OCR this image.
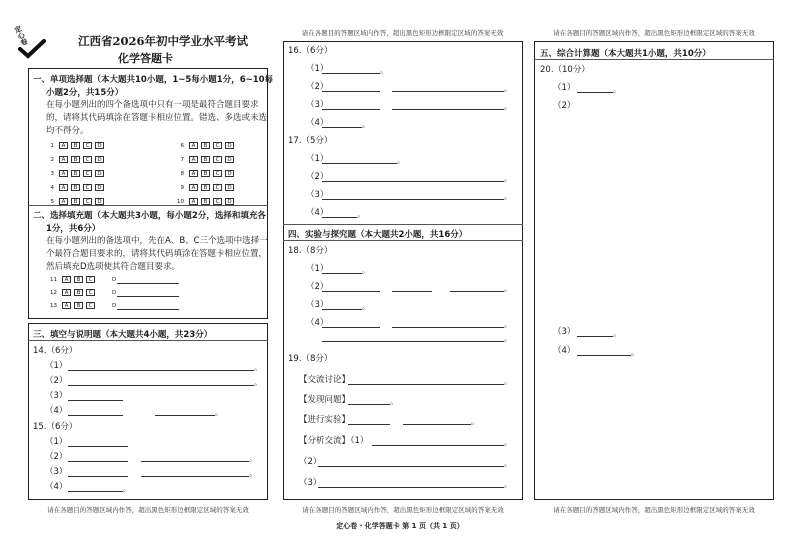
请在各题目的答题区域内作答，超出黑色矩形边框限定区域的答案无效	请在各题目的答题区域内作答，超出黑色矩形边框限定区域的答案无效
定心卷	江西省2026年初中学业水平考试
化学答题卡
一、单项选择题（本大题共10小题，1~5每小题1分，6~10每
小题2分，共15分）
在每小题列出的四个备选项中只有一项是最符合题目要求
的，请将其代码填涂在答题卡相应位置。错选、多选或未选
均不得分。
1	A	B	C	D
2	A	B	C	D
3	A	B	C	D
4	A	B	C	D
5	A	B	C	D
6	A	B	C	D
7	A	B	C	D
8	A	B	C	D
9	A	B	C	D
10	A	B	C	D
二、选择填充题（本大题共3小题，每小题2分，选择和填充各
1分，共6分）
在每小题列出的备选项中，先在A、B、C三个选项中选择一
个最符合题目要求的，请将其代码填涂在答题卡相应位置，
然后填充D选项使其符合题目要求。
11	A	B	C	D
12	A	B	C	D
13	A	B	C	D
三、填空与说明题（本大题共4小题，共23分）
14.（6分）
（1）	。
（2）	。
（3）
（4）	。
15.（6分）
（1）
（2）	。
（3）	。
（4）	。
请在各题目的答题区域内作答，超出黑色矩形边框限定区域的答案无效
16.（6分）
（1）	。
（2）	。
（3）	。
（4）	。
17.（5分）
（1）	。
（2）	。
（3）	。
（4）	。
四、实验与探究题（本大题共2小题，共16分）
18.（8分）
（1）	。
（2）	。
（3）	。
（4）	。
。
19.（8分）
【交流讨论】	。
【发现问题】	。
【进行实验】	。
【分析交流】
（1）	。
（2）	。
（3）	。
请在各题目的答题区域内作答，超出黑色矩形边框限定区域的答案无效
五、综合计算题（本大题共1小题，共10分）
20.（10分）
（1）	。
（2）
（3）	。
（4）	。
请在各题目的答题区域内作答，超出黑色矩形边框限定区域的答案无效
定心卷 · 化学答题卡 第 1 页（共 1 页）
